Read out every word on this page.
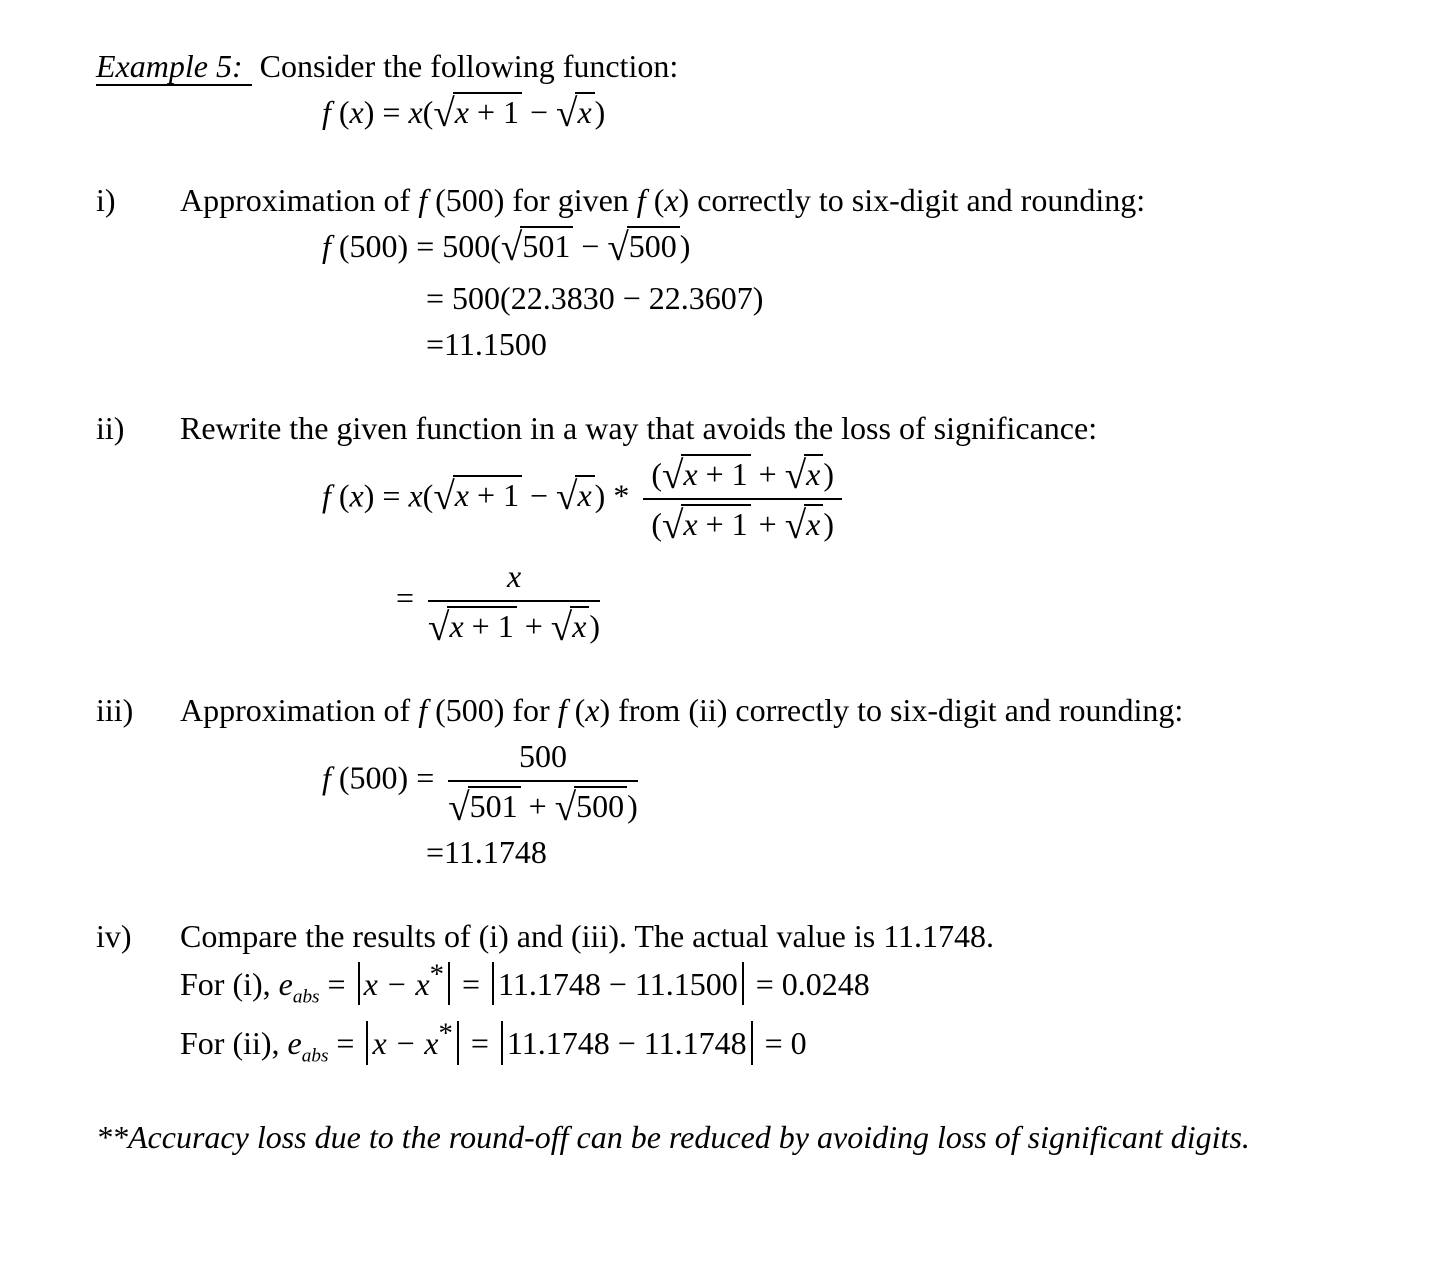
Example 5: Consider the following function:
f (x) = x(√x + 1 − √x)
i)	Approximation of f (500) for given f (x) correctly to six-digit and rounding:
f (500) = 500(√501 − √500)
= 500(22.3830 − 22.3607)
=11.1500
ii)	Rewrite the given function in a way that avoids the loss of significance:
f $(x) = x(√x + 1 - √x) * \frac{(√x + 1 + √x)}{(√x + 1 + √x)}$
= $\frac{x}{√x + 1 + √x)}$
iii)	Approximation of f (500) for f (x) from (ii) correctly to six-digit and rounding:
f $(500) = \frac{500}{√501 + √500)}$
=11.1748
iv)	Compare the results of (i) and (iii). The actual value is 11.1748.
For (i), $e_{abs} = x - x^* = 11.1748 - 11.1500 = 0.0248$
For (ii), $e_{abs} = x - x^* = 11.1748 - 11.1748 = 0$
**Accuracy loss due to the round-off can be reduced by avoiding loss of significant digits.
